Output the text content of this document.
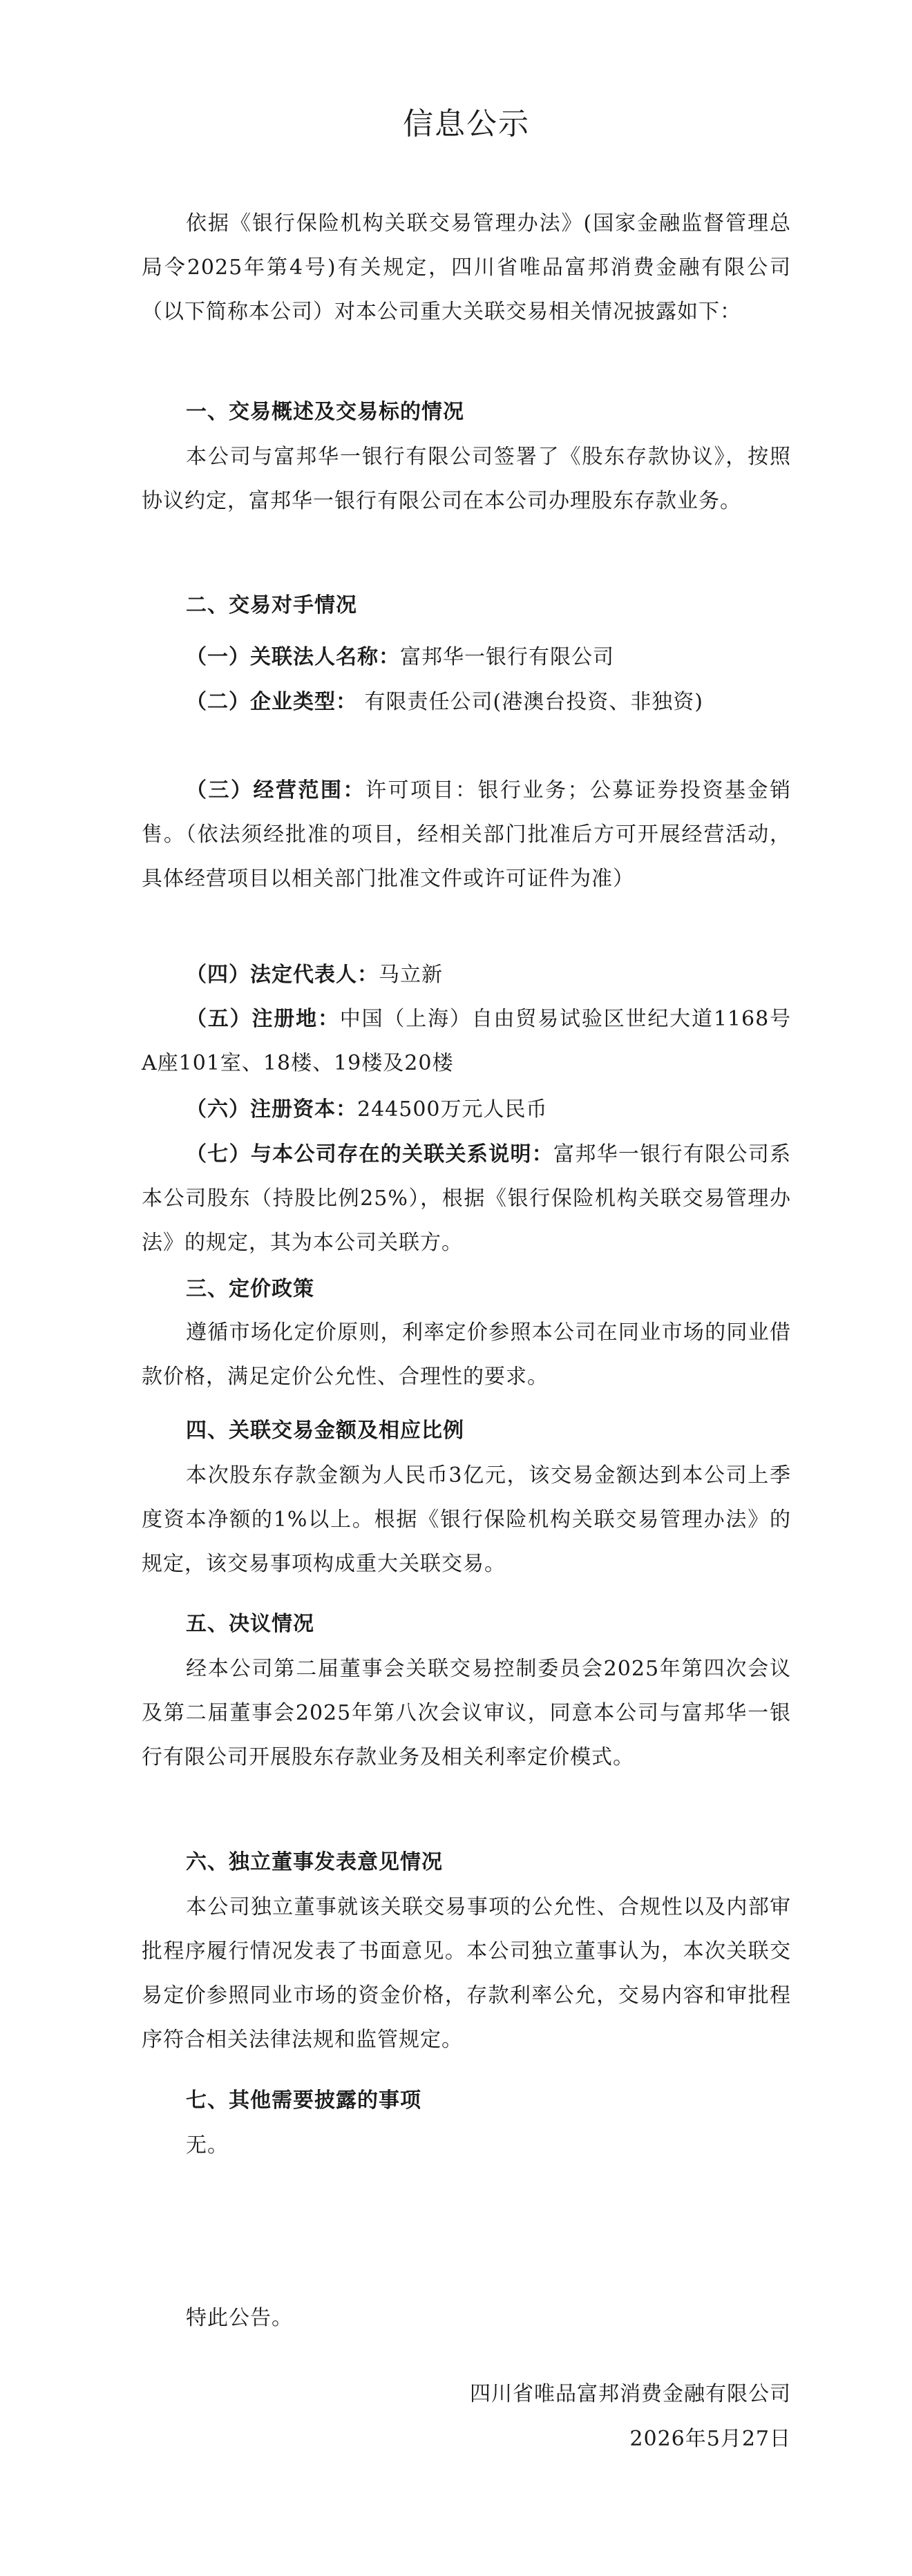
信息公示

依据《银行保险机构关联交易管理办法》(国家金融监督管理总局令2025年第4号)有关规定，四川省唯品富邦消费金融有限公司（以下简称本公司）对本公司重大关联交易相关情况披露如下：

一、交易概述及交易标的情况

本公司与富邦华一银行有限公司签署了《股东存款协议》，按照协议约定，富邦华一银行有限公司在本公司办理股东存款业务。

二、交易对手情况

（一）关联法人名称：富邦华一银行有限公司

（二）企业类型： 有限责任公司(港澳台投资、非独资)

（三）经营范围：许可项目：银行业务；公募证券投资基金销售。（依法须经批准的项目，经相关部门批准后方可开展经营活动，具体经营项目以相关部门批准文件或许可证件为准）

（四）法定代表人：马立新

（五）注册地：中国（上海）自由贸易试验区世纪大道1168号A座101室、18楼、19楼及20楼

（六）注册资本：244500万元人民币

（七）与本公司存在的关联关系说明：富邦华一银行有限公司系本公司股东（持股比例25%），根据《银行保险机构关联交易管理办法》的规定，其为本公司关联方。

三、定价政策

遵循市场化定价原则，利率定价参照本公司在同业市场的同业借款价格，满足定价公允性、合理性的要求。

四、关联交易金额及相应比例

本次股东存款金额为人民币3亿元，该交易金额达到本公司上季度资本净额的1%以上。根据《银行保险机构关联交易管理办法》的规定，该交易事项构成重大关联交易。

五、决议情况

经本公司第二届董事会关联交易控制委员会2025年第四次会议及第二届董事会2025年第八次会议审议，同意本公司与富邦华一银行有限公司开展股东存款业务及相关利率定价模式。

六、独立董事发表意见情况

本公司独立董事就该关联交易事项的公允性、合规性以及内部审批程序履行情况发表了书面意见。本公司独立董事认为，本次关联交易定价参照同业市场的资金价格，存款利率公允，交易内容和审批程序符合相关法律法规和监管规定。

七、其他需要披露的事项

无。

特此公告。

四川省唯品富邦消费金融有限公司

2026年5月27日
